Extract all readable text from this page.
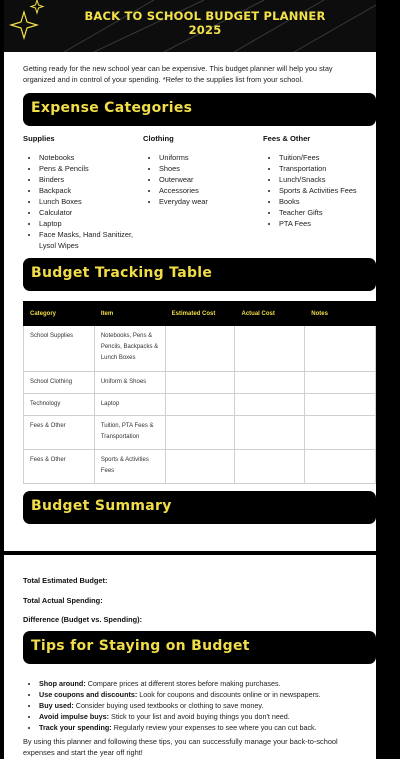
BACK TO SCHOOL BUDGET PLANNER
2025
Getting ready for the new school year can be expensive. This budget planner will help you stay organized and in control of your spending. *Refer to the supplies list from your school.
Expense Categories
Supplies
• Notebooks
• Pens & Pencils
• Binders
• Backpack
• Lunch Boxes
• Calculator
• Laptop
• Face Masks, Hand Sanitizer, Lysol Wipes
Clothing
• Uniforms
• Shoes
• Outerwear
• Accessories
• Everyday wear
Fees & Other
• Tuition/Fees
• Transportation
• Lunch/Snacks
• Sports & Activities Fees
• Books
• Teacher Gifts
• PTA Fees
Budget Tracking Table
Category	Item	Estimated Cost	Actual Cost	Notes
School Supplies	Notebooks, Pens & Pencils, Backpacks & Lunch Boxes			
School Clothing	Uniform & Shoes			
Technology	Laptop			
Fees & Other	Tuition, PTA Fees & Transportation			
Fees & Other	Sports & Activities Fees			
Budget Summary
Total Estimated Budget:
Total Actual Spending:
Difference (Budget vs. Spending):
Tips for Staying on Budget
• Shop around: Compare prices at different stores before making purchases.
• Use coupons and discounts: Look for coupons and discounts online or in newspapers.
• Buy used: Consider buying used textbooks or clothing to save money.
• Avoid impulse buys: Stick to your list and avoid buying things you don't need.
• Track your spending: Regularly review your expenses to see where you can cut back.
By using this planner and following these tips, you can successfully manage your back-to-school expenses and start the year off right!
